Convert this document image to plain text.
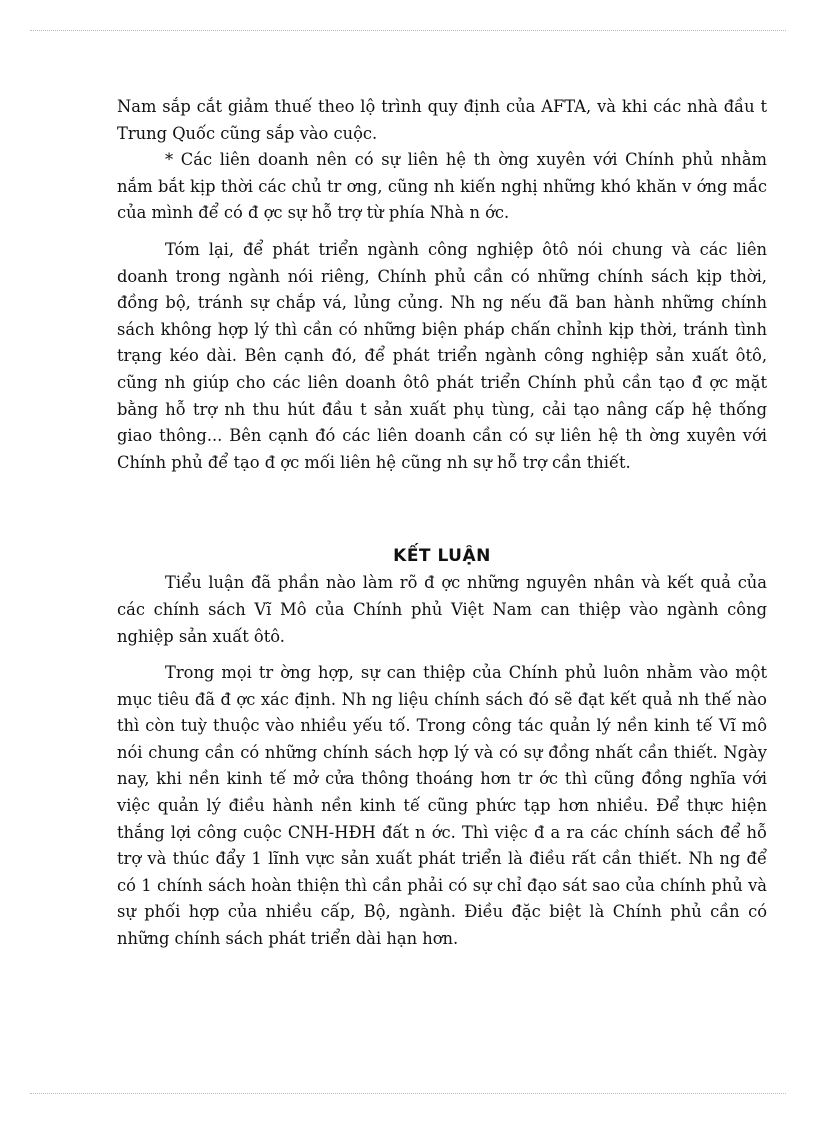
Nam sắp cắt giảm thuế theo lộ trình quy định của AFTA, và khi các nhà đầu t Trung Quốc cũng sắp vào cuộc.

* Các liên doanh nên có sự liên hệ th ờng xuyên với Chính phủ nhằm nắm bắt kịp thời các chủ tr ơng, cũng nh kiến nghị những khó khăn v ớng mắc của mình để có đ ợc sự hỗ trợ từ phía Nhà n ớc.

Tóm lại, để phát triển ngành công nghiệp ôtô nói chung và các liên doanh trong ngành nói riêng, Chính phủ cần có những chính sách kịp thời, đồng bộ, tránh sự chắp vá, lủng củng. Nh ng nếu đã ban hành những chính sách không hợp lý thì cần có những biện pháp chấn chỉnh kịp thời, tránh tình trạng kéo dài. Bên cạnh đó, để phát triển ngành công nghiệp sản xuất ôtô, cũng nh giúp cho các liên doanh ôtô phát triển Chính phủ cần tạo đ ợc mặt bằng hỗ trợ nh thu hút đầu t sản xuất phụ tùng, cải tạo nâng cấp hệ thống giao thông... Bên cạnh đó các liên doanh cần có sự liên hệ th ờng xuyên với Chính phủ để tạo đ ợc mối liên hệ cũng nh sự hỗ trợ cần thiết.

KẾT LUẬN

Tiểu luận đã phần nào làm rõ đ ợc những nguyên nhân và kết quả của các chính sách Vĩ Mô của Chính phủ Việt Nam can thiệp vào ngành công nghiệp sản xuất ôtô.

Trong mọi tr ờng hợp, sự can thiệp của Chính phủ luôn nhằm vào một mục tiêu đã đ ợc xác định. Nh ng liệu chính sách đó sẽ đạt kết quả nh thế nào thì còn tuỳ thuộc vào nhiều yếu tố. Trong công tác quản lý nền kinh tế Vĩ mô nói chung cần có những chính sách hợp lý và có sự đồng nhất cần thiết. Ngày nay, khi nền kinh tế mở cửa thông thoáng hơn tr ớc thì cũng đồng nghĩa với việc quản lý điều hành nền kinh tế cũng phức tạp hơn nhiều. Để thực hiện thắng lợi công cuộc CNH-HĐH đất n ớc. Thì việc đ a ra các chính sách để hỗ trợ và thúc đẩy 1 lĩnh vực sản xuất phát triển là điều rất cần thiết. Nh ng để có 1 chính sách hoàn thiện thì cần phải có sự chỉ đạo sát sao của chính phủ và sự phối hợp của nhiều cấp, Bộ, ngành. Điều đặc biệt là Chính phủ cần có những chính sách phát triển dài hạn hơn.
